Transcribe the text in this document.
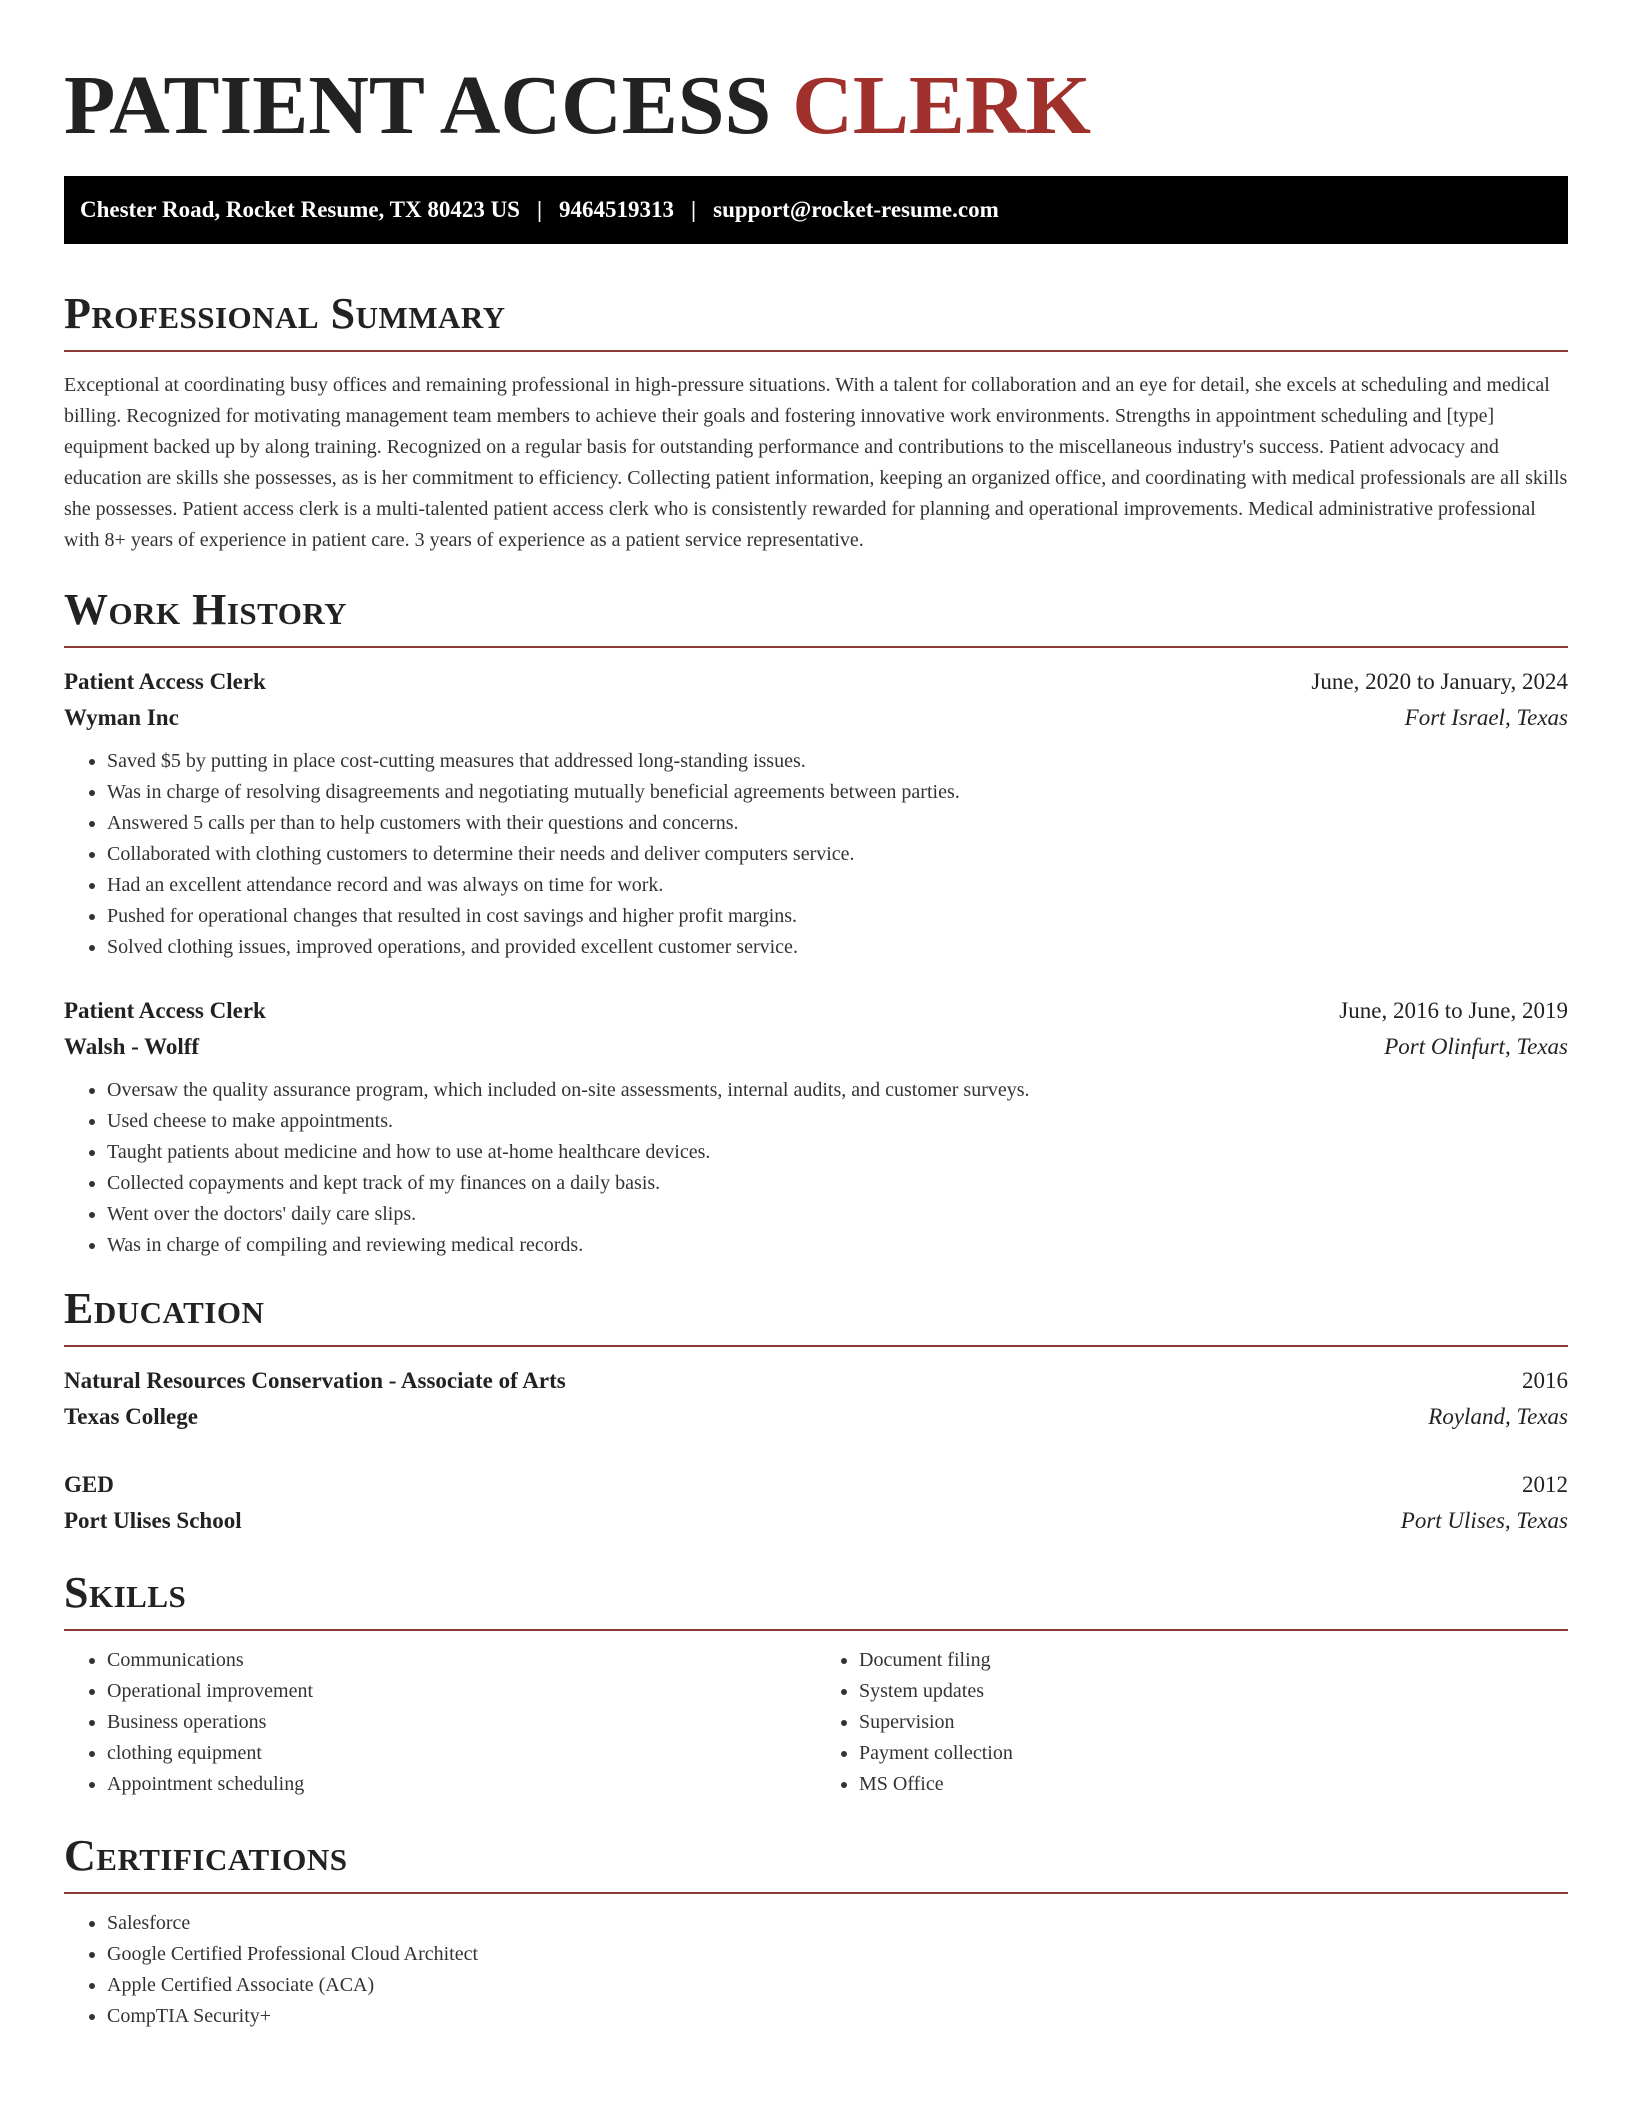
PATIENT ACCESS CLERK
Chester Road, Rocket Resume, TX 80423 US | 9464519313 | support@rocket-resume.com
Professional Summary

Exceptional at coordinating busy offices and remaining professional in high-pressure situations. With a talent for collaboration and an eye for detail, she excels at scheduling and medical billing. Recognized for motivating management team members to achieve their goals and fostering innovative work environments. Strengths in appointment scheduling and [type] equipment backed up by along training. Recognized on a regular basis for outstanding performance and contributions to the miscellaneous industry's success. Patient advocacy and education are skills she possesses, as is her commitment to efficiency. Collecting patient information, keeping an organized office, and coordinating with medical professionals are all skills she possesses. Patient access clerk is a multi-talented patient access clerk who is consistently rewarded for planning and operational improvements. Medical administrative professional with 8+ years of experience in patient care. 3 years of experience as a patient service representative.

Work History
Patient Access Clerk	June, 2020 to January, 2024
Wyman Inc	Fort Israel, Texas
• Saved $5 by putting in place cost-cutting measures that addressed long-standing issues.
• Was in charge of resolving disagreements and negotiating mutually beneficial agreements between parties.
• Answered 5 calls per than to help customers with their questions and concerns.
• Collaborated with clothing customers to determine their needs and deliver computers service.
• Had an excellent attendance record and was always on time for work.
• Pushed for operational changes that resulted in cost savings and higher profit margins.
• Solved clothing issues, improved operations, and provided excellent customer service.
Patient Access Clerk	June, 2016 to June, 2019
Walsh - Wolff	Port Olinfurt, Texas
• Oversaw the quality assurance program, which included on-site assessments, internal audits, and customer surveys.
• Used cheese to make appointments.
• Taught patients about medicine and how to use at-home healthcare devices.
• Collected copayments and kept track of my finances on a daily basis.
• Went over the doctors' daily care slips.
• Was in charge of compiling and reviewing medical records.
Education
Natural Resources Conservation - Associate of Arts	2016
Texas College	Royland, Texas
GED	2012
Port Ulises School	Port Ulises, Texas
Skills
• Communications
• Operational improvement
• Business operations
• clothing equipment
• Appointment scheduling
• Document filing
• System updates
• Supervision
• Payment collection
• MS Office
Certifications
• Salesforce
• Google Certified Professional Cloud Architect
• Apple Certified Associate (ACA)
• CompTIA Security+
